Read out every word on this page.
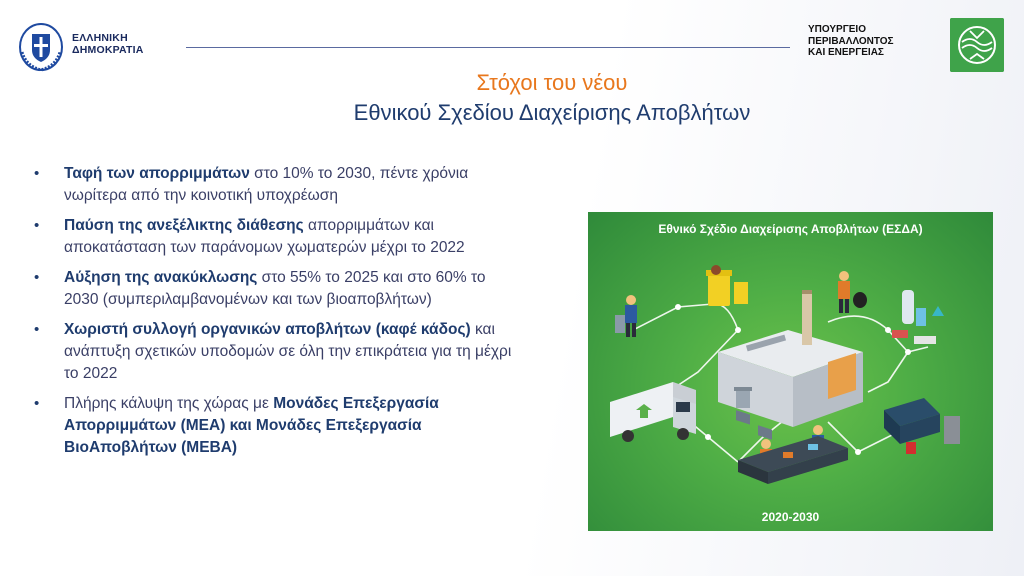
ΕΛΛΗΝΙΚΗ
ΔΗΜΟΚΡΑΤΙΑ
ΥΠΟΥΡΓΕΙΟ
ΠΕΡΙΒΑΛΛΟΝΤΟΣ
ΚΑΙ ΕΝΕΡΓΕΙΑΣ
Στόχοι του νέου
Εθνικού Σχεδίου Διαχείρισης Αποβλήτων
• Ταφή των απορριμμάτων στο 10% το 2030, πέντε χρόνια νωρίτερα από την κοινοτική υποχρέωση
• Παύση της ανεξέλικτης διάθεσης απορριμμάτων και αποκατάσταση των παράνομων χωματερών μέχρι το 2022
• Αύξηση της ανακύκλωσης στο 55% το 2025 και στο 60% το 2030 (συμπεριλαμβανομένων και των βιοαποβλήτων)
• Χωριστή συλλογή οργανικών αποβλήτων (καφέ κάδος) και ανάπτυξη σχετικών υποδομών σε όλη την επικράτεια για τη μέχρι το 2022
• Πλήρης κάλυψη της χώρας με Μονάδες Επεξεργασία Απορριμμάτων (ΜΕΑ) και Μονάδες Επεξεργασία ΒιοΑποβλήτων (ΜΕΒΑ)
Εθνικό Σχέδιο Διαχείρισης Αποβλήτων (ΕΣΔΑ)
2020-2030
